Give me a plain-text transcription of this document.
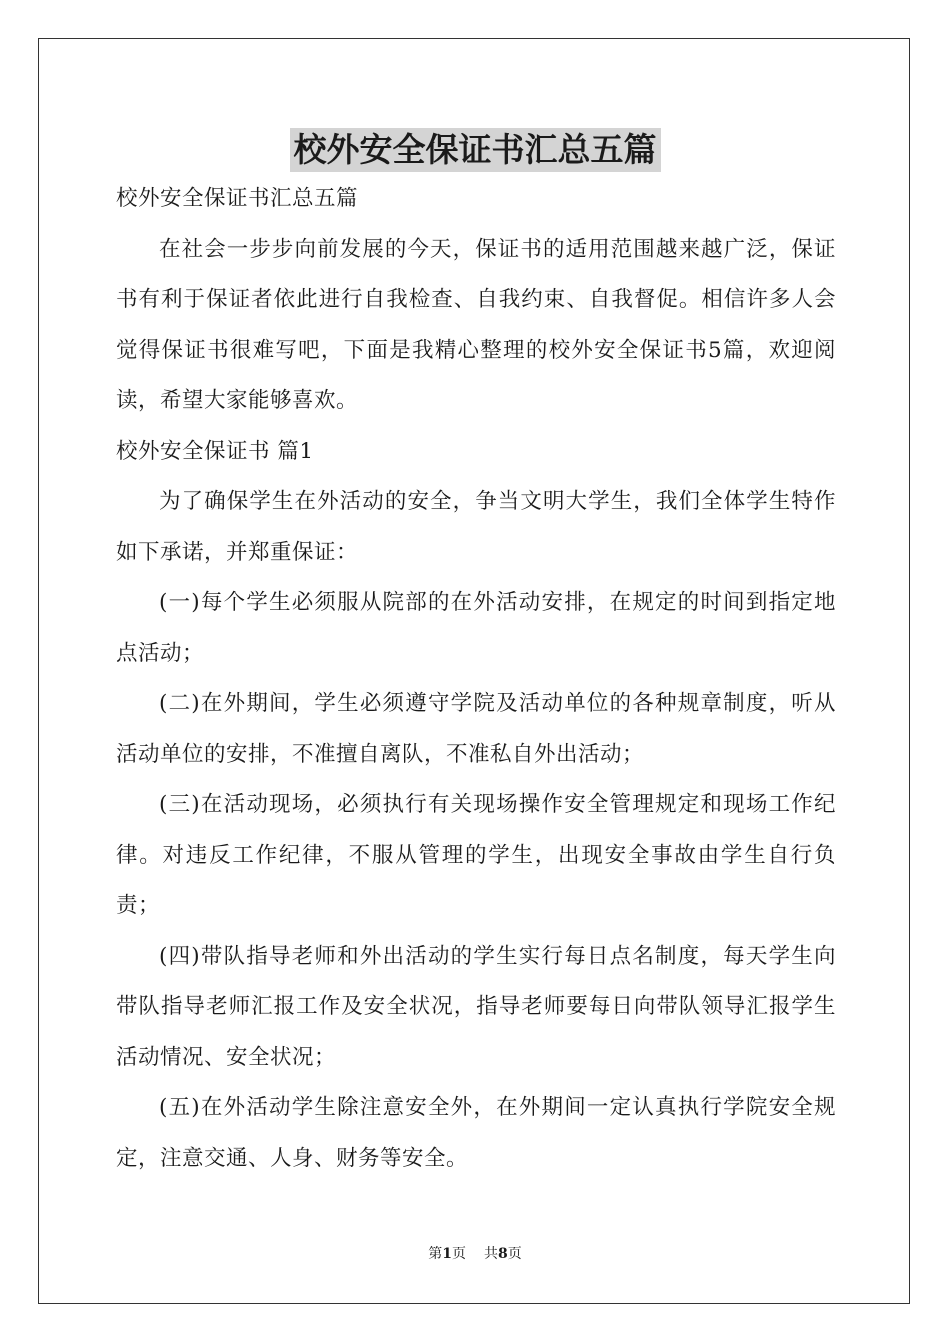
校外安全保证书汇总五篇

校外安全保证书汇总五篇

在社会一步步向前发展的今天，保证书的适用范围越来越广泛，保证书有利于保证者依此进行自我检查、自我约束、自我督促。相信许多人会觉得保证书很难写吧，下面是我精心整理的校外安全保证书5篇，欢迎阅读，希望大家能够喜欢。

校外安全保证书 篇1

为了确保学生在外活动的安全，争当文明大学生，我们全体学生特作如下承诺，并郑重保证：

(一)每个学生必须服从院部的在外活动安排，在规定的时间到指定地点活动；

(二)在外期间，学生必须遵守学院及活动单位的各种规章制度，听从活动单位的安排，不准擅自离队，不准私自外出活动；

(三)在活动现场，必须执行有关现场操作安全管理规定和现场工作纪律。对违反工作纪律，不服从管理的学生，出现安全事故由学生自行负责；

(四)带队指导老师和外出活动的学生实行每日点名制度，每天学生向带队指导老师汇报工作及安全状况，指导老师要每日向带队领导汇报学生活动情况、安全状况；

(五)在外活动学生除注意安全外，在外期间一定认真执行学院安全规定，注意交通、人身、财务等安全。

第1页 共8页
